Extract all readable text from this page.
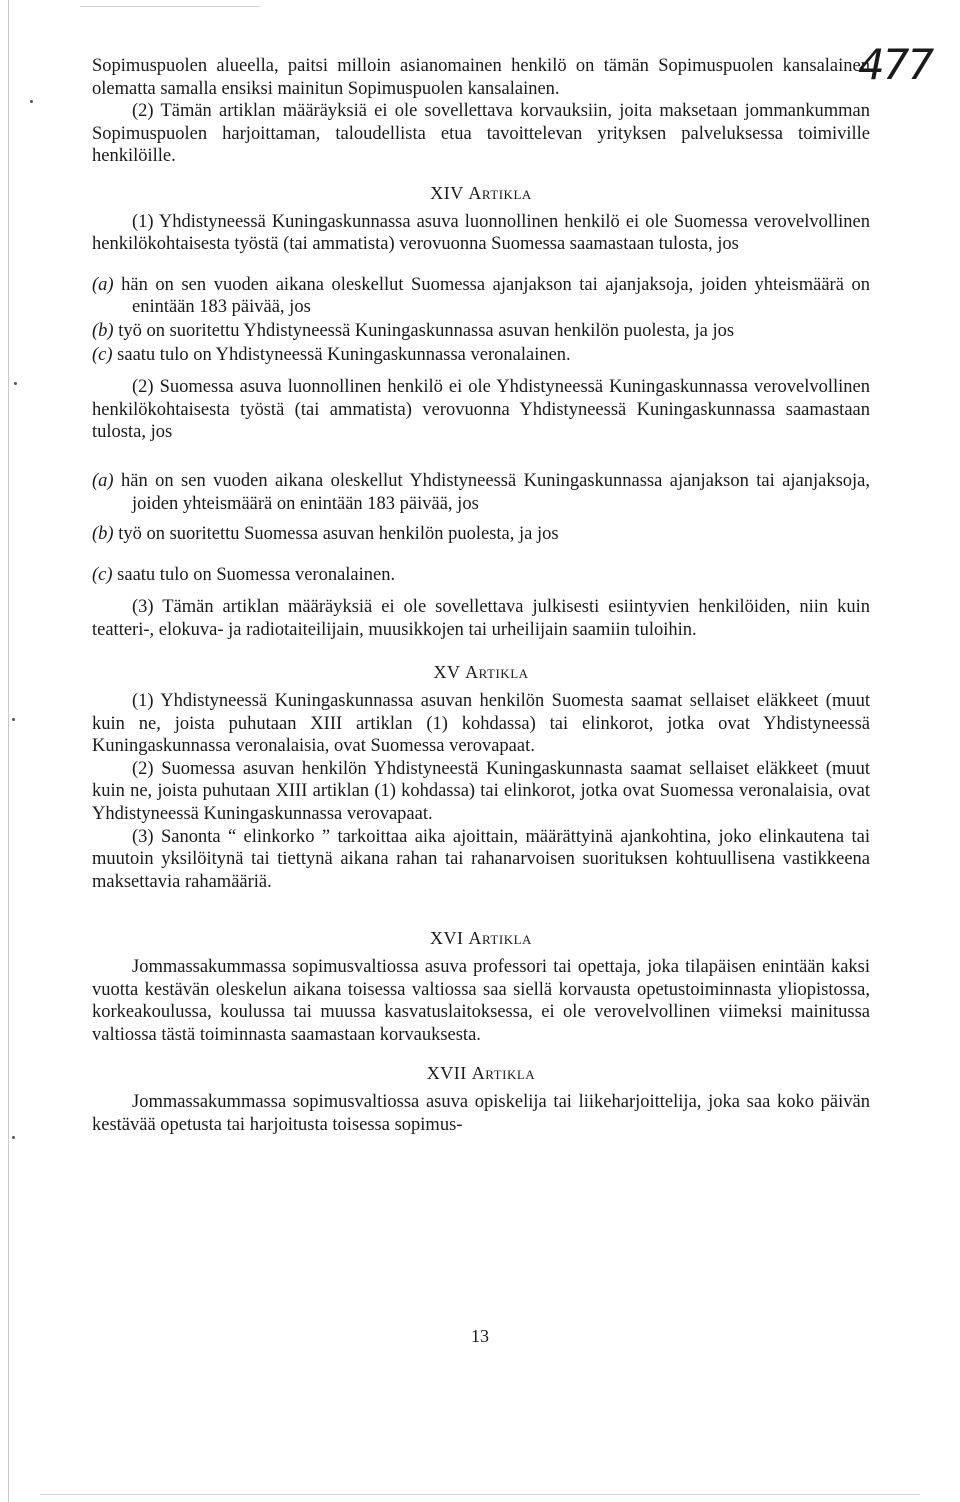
477

Sopimuspuolen alueella, paitsi milloin asianomainen henkilö on tämän Sopimuspuolen kansalainen olematta samalla ensiksi mainitun Sopimuspuolen kansalainen.

(2) Tämän artiklan määräyksiä ei ole sovellettava korvauksiin, joita maksetaan jommankumman Sopimuspuolen harjoittaman, taloudellista etua tavoittelevan yrityksen palveluksessa toimiville henkilöille.

XIV Artikla

(1) Yhdistyneessä Kuningaskunnassa asuva luonnollinen henkilö ei ole Suomessa verovelvollinen henkilökohtaisesta työstä (tai ammatista) verovuonna Suomessa saamastaan tulosta, jos

(a) hän on sen vuoden aikana oleskellut Suomessa ajanjakson tai ajanjaksoja, joiden yhteismäärä on enintään 183 päivää, jos

(b) työ on suoritettu Yhdistyneessä Kuningaskunnassa asuvan henkilön puolesta, ja jos

(c) saatu tulo on Yhdistyneessä Kuningaskunnassa veronalainen.

(2) Suomessa asuva luonnollinen henkilö ei ole Yhdistyneessä Kuningaskunnassa verovelvollinen henkilökohtaisesta työstä (tai ammatista) verovuonna Yhdistyneessä Kuningaskunnassa saamastaan tulosta, jos

(a) hän on sen vuoden aikana oleskellut Yhdistyneessä Kuningaskunnassa ajanjakson tai ajanjaksoja, joiden yhteismäärä on enintään 183 päivää, jos

(b) työ on suoritettu Suomessa asuvan henkilön puolesta, ja jos

(c) saatu tulo on Suomessa veronalainen.

(3) Tämän artiklan määräyksiä ei ole sovellettava julkisesti esiintyvien henkilöiden, niin kuin teatteri-, elokuva- ja radiotaiteilijain, muusikkojen tai urheilijain saamiin tuloihin.

XV Artikla

(1) Yhdistyneessä Kuningaskunnassa asuvan henkilön Suomesta saamat sellaiset eläkkeet (muut kuin ne, joista puhutaan XIII artiklan (1) kohdassa) tai elinkorot, jotka ovat Yhdistyneessä Kuningaskunnassa veronalaisia, ovat Suomessa verovapaat.

(2) Suomessa asuvan henkilön Yhdistyneestä Kuningaskunnasta saamat sellaiset eläkkeet (muut kuin ne, joista puhutaan XIII artiklan (1) kohdassa) tai elinkorot, jotka ovat Suomessa veronalaisia, ovat Yhdistyneessä Kuningaskunnassa verovapaat.

(3) Sanonta “ elinkorko ” tarkoittaa aika ajoittain, määrättyinä ajankohtina, joko elinkautena tai muutoin yksilöitynä tai tiettynä aikana rahan tai rahanarvoisen suorituksen kohtuullisena vastikkeena maksettavia rahamääriä.

XVI Artikla

Jommassakummassa sopimusvaltiossa asuva professori tai opettaja, joka tilapäisen enintään kaksi vuotta kestävän oleskelun aikana toisessa valtiossa saa siellä korvausta opetustoiminnasta yliopistossa, korkeakoulussa, koulussa tai muussa kasvatuslaitoksessa, ei ole verovelvollinen viimeksi mainitussa valtiossa tästä toiminnasta saamastaan korvauksesta.

XVII Artikla

Jommassakummassa sopimusvaltiossa asuva opiskelija tai liikeharjoittelija, joka saa koko päivän kestävää opetusta tai harjoitusta toisessa sopimus-

13
